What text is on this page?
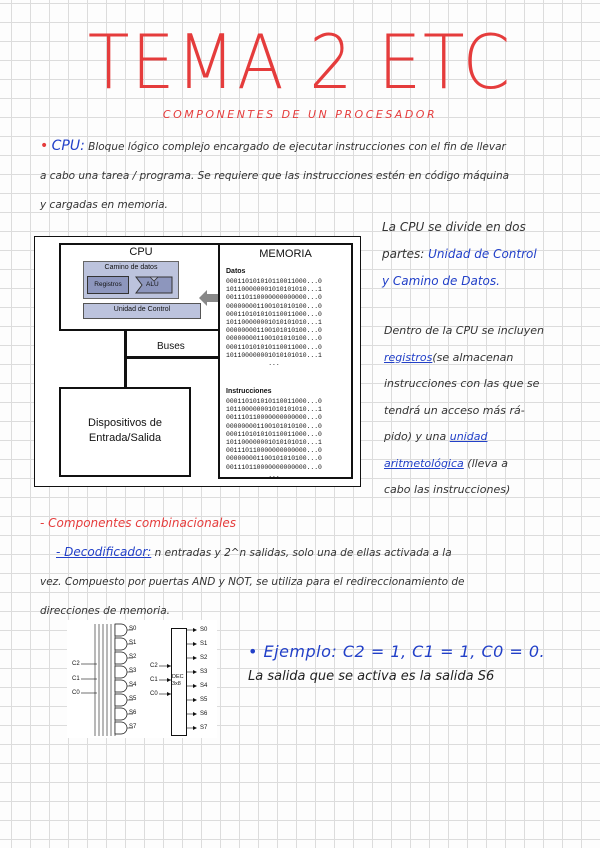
TEMA 2 ETC
COMPONENTES DE UN PROCESADOR
• CPU: Bloque lógico complejo encargado de ejecutar instrucciones con el fin de llevar
a cabo una tarea / programa. Se requiere que las instrucciones estén en código máquina
y cargadas en memoria.
CPU
Camino de datos
Registros	ALU
Unidad de Control
Buses
Dispositivos de
Entrada/Salida
MEMORIA
Datos
000110101010110011000...0
101100000001010101010...1
001110110000000000000...0
000000001100101010100...0
000110101010110011000...0
101100000001010101010...1
000000001100101010100...0
000000001100101010100...0
000110101010110011000...0
101100000001010101010...1
...
Instrucciones
000110101010110011000...0
101100000001010101010...1
001110110000000000000...0
000000001100101010100...0
000110101010110011000...0
101100000001010101010...1
001110110000000000000...0
000000001100101010100...0
001110110000000000000...0
...
La CPU se divide en dos
partes: Unidad de Control
y Camino de Datos.
Dentro de la CPU se incluyen
registros(se almacenan
instrucciones con las que se
tendrá un acceso más rá-
pido) y una unidad
aritmetológica (lleva a
cabo las instrucciones)
- Componentes combinacionales
- Decodificador: n entradas y 2^n salidas, solo una de ellas activada a la
vez. Compuesto por puertas AND y NOT, se utiliza para el redireccionamiento de
direcciones de memoria.
C2
C1
C0
S0
S1
S2
S3
S4
S5
S6
S7
C2
C1
C0
DEC
3x8
S0
S1
S2
S3
S4
S5
S6
S7
• Ejemplo: C2 = 1, C1 = 1, C0 = 0.
La salida que se activa es la salida S6
